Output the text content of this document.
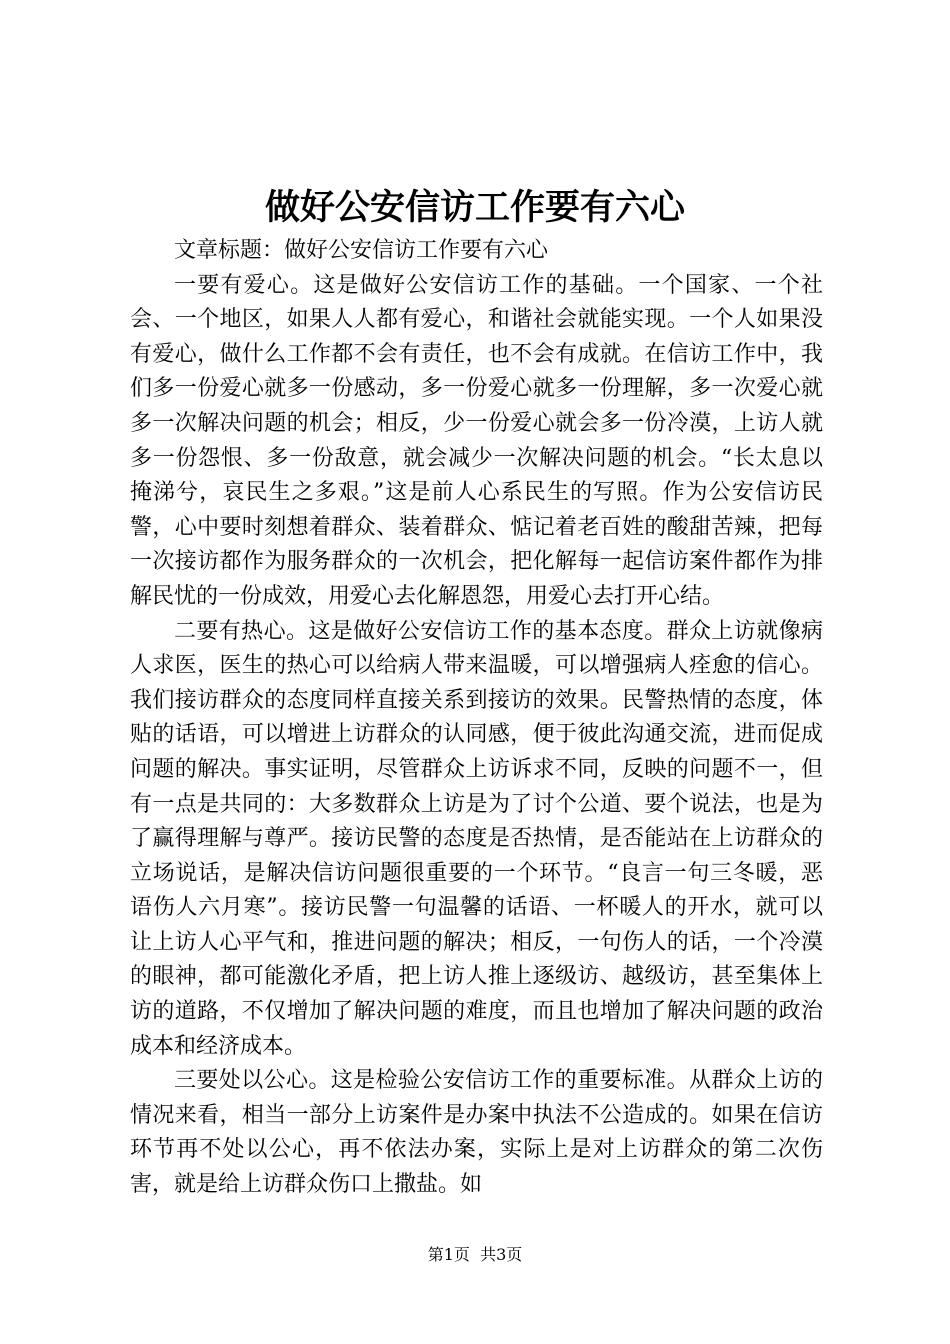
做好公安信访工作要有六心

文章标题：做好公安信访工作要有六心

一要有爱心。这是做好公安信访工作的基础。一个国家、一个社会、一个地区，如果人人都有爱心，和谐社会就能实现。一个人如果没有爱心，做什么工作都不会有责任，也不会有成就。在信访工作中，我们多一份爱心就多一份感动，多一份爱心就多一份理解，多一次爱心就多一次解决问题的机会；相反，少一份爱心就会多一份冷漠，上访人就多一份怨恨、多一份敌意，就会减少一次解决问题的机会。“长太息以掩涕兮，哀民生之多艰。”这是前人心系民生的写照。作为公安信访民警，心中要时刻想着群众、装着群众、惦记着老百姓的酸甜苦辣，把每一次接访都作为服务群众的一次机会，把化解每一起信访案件都作为排解民忧的一份成效，用爱心去化解恩怨，用爱心去打开心结。

二要有热心。这是做好公安信访工作的基本态度。群众上访就像病人求医，医生的热心可以给病人带来温暖，可以增强病人痊愈的信心。我们接访群众的态度同样直接关系到接访的效果。民警热情的态度，体贴的话语，可以增进上访群众的认同感，便于彼此沟通交流，进而促成问题的解决。事实证明，尽管群众上访诉求不同，反映的问题不一，但有一点是共同的：大多数群众上访是为了讨个公道、要个说法，也是为了赢得理解与尊严。接访民警的态度是否热情，是否能站在上访群众的立场说话，是解决信访问题很重要的一个环节。“良言一句三冬暖，恶语伤人六月寒”。接访民警一句温馨的话语、一杯暖人的开水，就可以让上访人心平气和，推进问题的解决；相反，一句伤人的话，一个冷漠的眼神，都可能激化矛盾，把上访人推上逐级访、越级访，甚至集体上访的道路，不仅增加了解决问题的难度，而且也增加了解决问题的政治成本和经济成本。

三要处以公心。这是检验公安信访工作的重要标准。从群众上访的情况来看，相当一部分上访案件是办案中执法不公造成的。如果在信访环节再不处以公心，再不依法办案，实际上是对上访群众的第二次伤害，就是给上访群众伤口上撒盐。如

第1页 共3页
